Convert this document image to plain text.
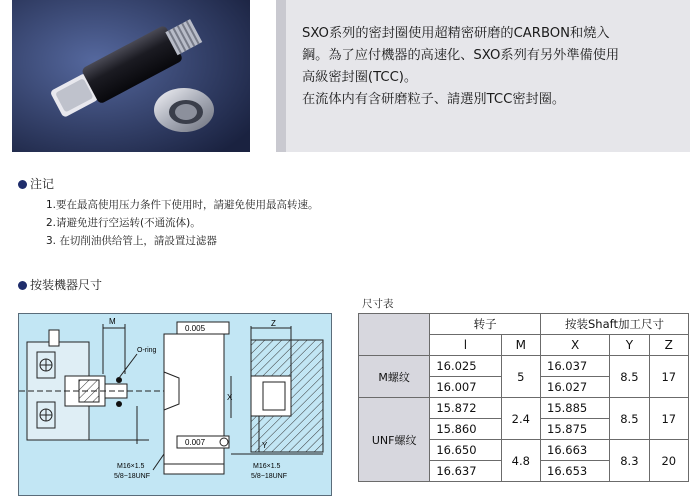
SXO系列的密封圈使用超精密研磨的CARBON和燒入
鋼。為了应付機器的高速化、SXO系列有另外準備使用
高級密封圈(TCC)。
在流体内有含研磨粒子、請選別TCC密封圈。
注记
1.要在最高使用压力条件下使用时，請避免使用最高转速。
2.请避免进行空运转(不通流体)。
3. 在切削油供给管上，請設置过滤器
按装機器尺寸
M
O-ring
0.005
0.007
X
M16×1.5
5/8−18UNF
Z
Y
M16×1.5
5/8−18UNF
尺寸表
	转子		按装Shaft加工尺寸		
	l	M	X	Y	Z
M螺纹	16.025	5	16.037	8.5	17
	16.007		16.027		
UNF螺纹	15.872	2.4	15.885	8.5	17
	15.860		15.875		
	16.650	4.8	16.663	8.3	20
	16.637		16.653		
